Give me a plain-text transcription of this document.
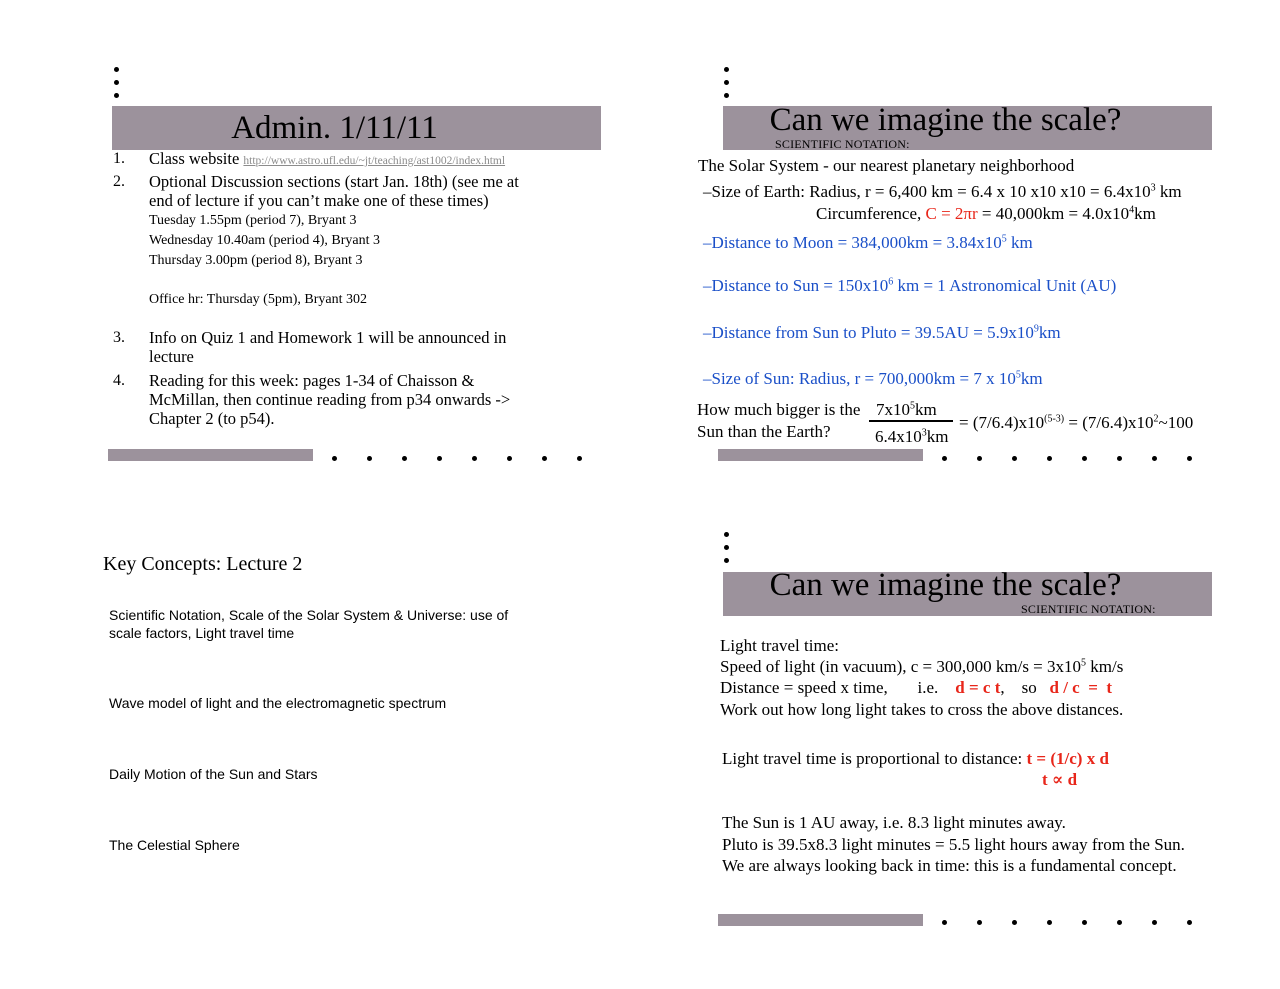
Admin. 1/11/11
1. Class website http://www.astro.ufl.edu/~jt/teaching/ast1002/index.html
2. Optional Discussion sections (start Jan. 18th) (see me at
end of lecture if you can’t make one of these times)
Tuesday 1.55pm (period 7), Bryant 3
Wednesday 10.40am (period 4), Bryant 3
Thursday 3.00pm (period 8), Bryant 3
Office hr: Thursday (5pm), Bryant 302
3. Info on Quiz 1 and Homework 1 will be announced in
lecture
4. Reading for this week: pages 1-34 of Chaisson &
McMillan, then continue reading from p34 onwards ->
Chapter 2 (to p54).
Can we imagine the scale?
SCIENTIFIC NOTATION:
The Solar System - our nearest planetary neighborhood
–Size of Earth: Radius, r = 6,400 km = 6.4 x 10 x10 $x10 = 6.4x10^3$ km
Circumference, $C = 2\pi r = 40,000km = 4.0x10^4km$
–Distance to Moon = $384,000km = 3.84x10^5$ km
–Distance to Sun = $150x10^6$ km = 1 Astronomical Unit (AU)
–Distance from Sun to Pluto = $39.5AU = 5.9x10^9km$
–Size of Sun: Radius, r = 700,000km = 7 x $10^5km$
How much bigger is the
Sun than the Earth?
$7x10^5km$
$6.4x10^3km$
= $(7/6.4)x10^{(5-3)}$ = $(7/6.4)x10^2\sim 100$
Key Concepts: Lecture 2
Scientific Notation, Scale of the Solar System & Universe: use of
scale factors, Light travel time
Wave model of light and the electromagnetic spectrum
Daily Motion of the Sun and Stars
The Celestial Sphere
Can we imagine the scale?
SCIENTIFIC NOTATION:
Light travel time:
Speed of light (in vacuum), c = 300,000 $km/s = 3x10^5$ km/s
Distance = speed x time,       i.e. d = c t,    so d / c  =  t
Work out how long light takes to cross the above distances.
Light travel time is proportional to distance: t = (1/c) x d
t ∝ d
The Sun is 1 AU away, i.e. 8.3 light minutes away.
Pluto is 39.5x8.3 light minutes = 5.5 light hours away from the Sun.
We are always looking back in time: this is a fundamental concept.
